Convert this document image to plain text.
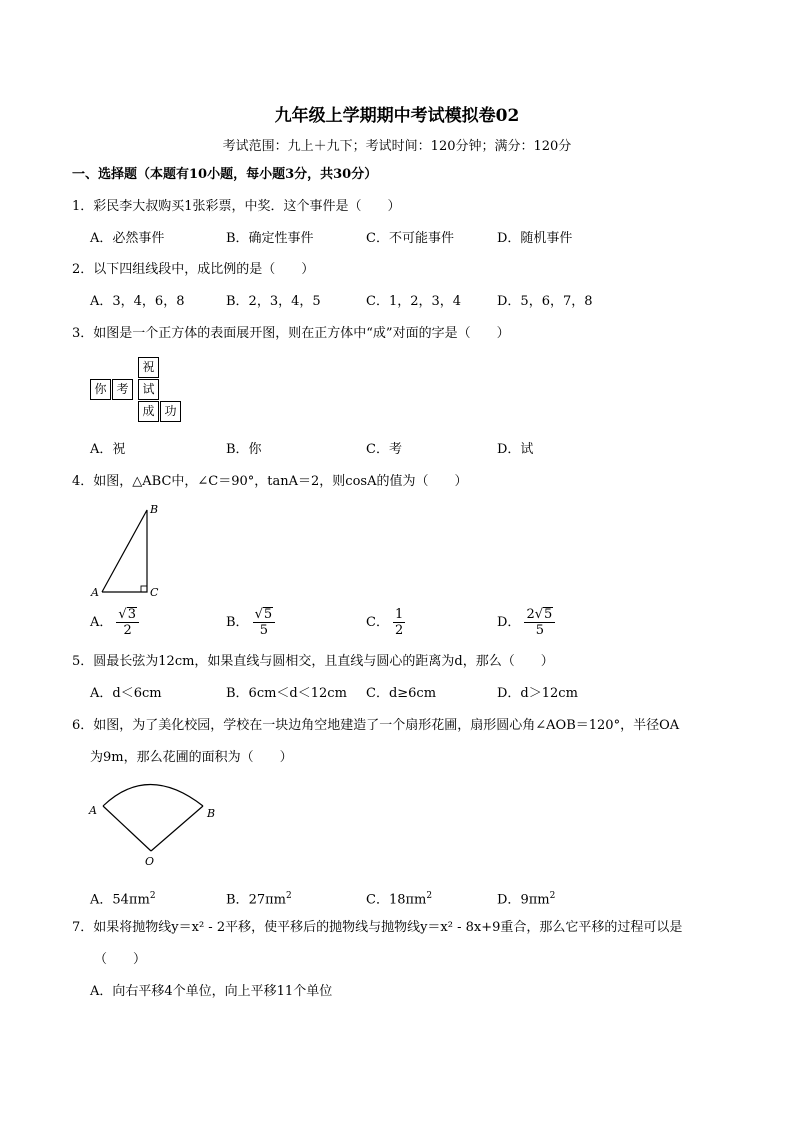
九年级上学期期中考试模拟卷02
考试范围：九上＋九下；考试时间：120分钟；满分：120分
一、选择题（本题有10小题，每小题3分，共30分）
1．彩民李大叔购买1张彩票，中奖．这个事件是（　　）
A．必然事件	B．确定性事件	C．不可能事件	D．随机事件
2．以下四组线段中，成比例的是（　　）
A．3，4，6，8	B．2，3，4，5	C．1，2，3，4	D．5，6，7，8
3．如图是一个正方体的表面展开图，则在正方体中“成”对面的字是（　　）
祝
你 考	试
成 功
A．祝	B．你	C．考	D．试
4．如图，△ABC中，∠C＝90°，tanA＝2，则cosA的值为（　　）
B
A	C
A． $\frac{√ 3}{2}$	B． $\frac{√ 5}{5}$	C． $\frac{1}{2}$	D． $\frac{2 √ 5}{5}$
5．圆最长弦为12cm，如果直线与圆相交，且直线与圆心的距离为d，那么（　　）
A．d＜6cm	B．6cm＜d＜12cm C．d≥6cm	D．d＞12cm
6．如图，为了美化校园，学校在一块边角空地建造了一个扇形花圃，扇形圆心角∠AOB＝120°，半径OA
为9m，那么花圃的面积为（　　）
A	B
O
A．$54\pi m^2$	B．$27\pi m^2$	C．$18\pi m^2$	D．$9\pi m^2$
7．如果将抛物线y＝x² - 2平移，使平移后的抛物线与抛物线y＝x² - 8x+9重合，那么它平移的过程可以是
（　　）
A．向右平移4个单位，向上平移11个单位
